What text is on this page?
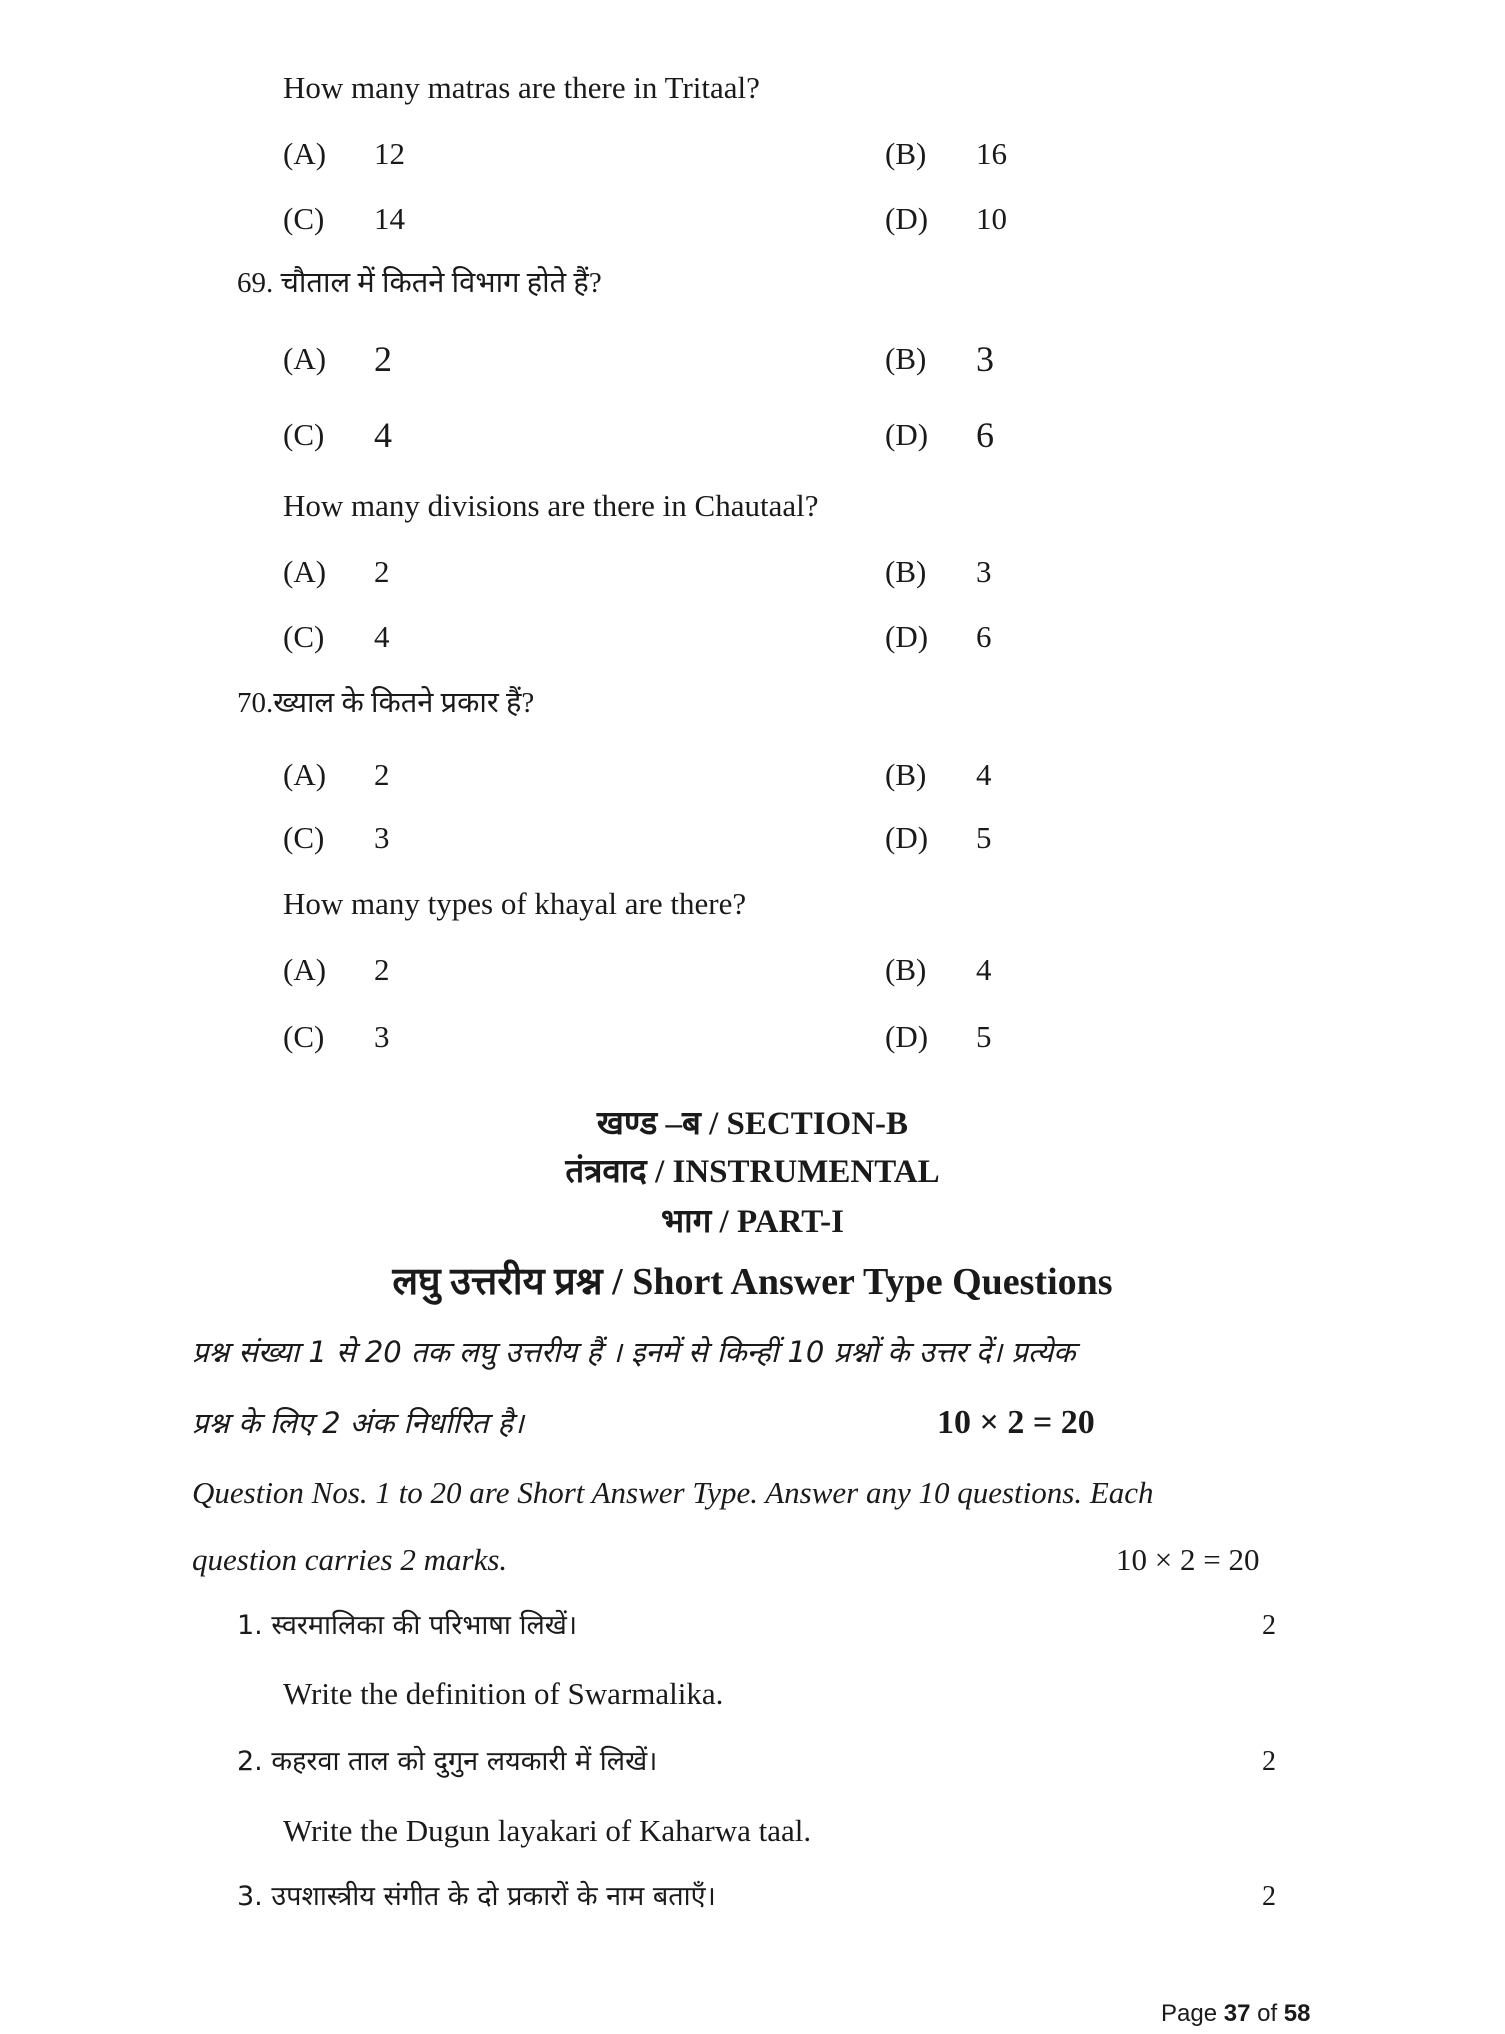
How many matras are there in Tritaal?
(A) 12	(B) 16
(C) 14	(D) 10
69. चौताल में कितने विभाग होते हैं?
(A) 2	(B) 3
(C) 4	(D) 6
How many divisions are there in Chautaal?
(A) 2	(B) 3
(C) 4	(D) 6
70.ख्याल के कितने प्रकार हैं?
(A) 2	(B) 4
(C) 3	(D) 5
How many types of khayal are there?
(A) 2	(B) 4
(C) 3	(D) 5
खण्ड –ब / SECTION-B
तंत्रवाद / INSTRUMENTAL
भाग / PART-I
लघु उत्तरीय प्रश्न / Short Answer Type Questions
प्रश्न संख्या 1 से 20 तक लघु उत्तरीय हैं । इनमें से किन्हीं 10 प्रश्नों के उत्तर दें। प्रत्येक
प्रश्न के लिए 2 अंक निर्धारित है।	10 × 2 = 20
Question Nos. 1 to 20 are Short Answer Type. Answer any 10 questions. Each
question carries 2 marks.	10 × 2 = 20
1. स्वरमालिका की परिभाषा लिखें।	2
Write the definition of Swarmalika.
2. कहरवा ताल को दुगुन लयकारी में लिखें।	2
Write the Dugun layakari of Kaharwa taal.
3. उपशास्त्रीय संगीत के दो प्रकारों के नाम बताएँ।	2
Page 37 of 58
